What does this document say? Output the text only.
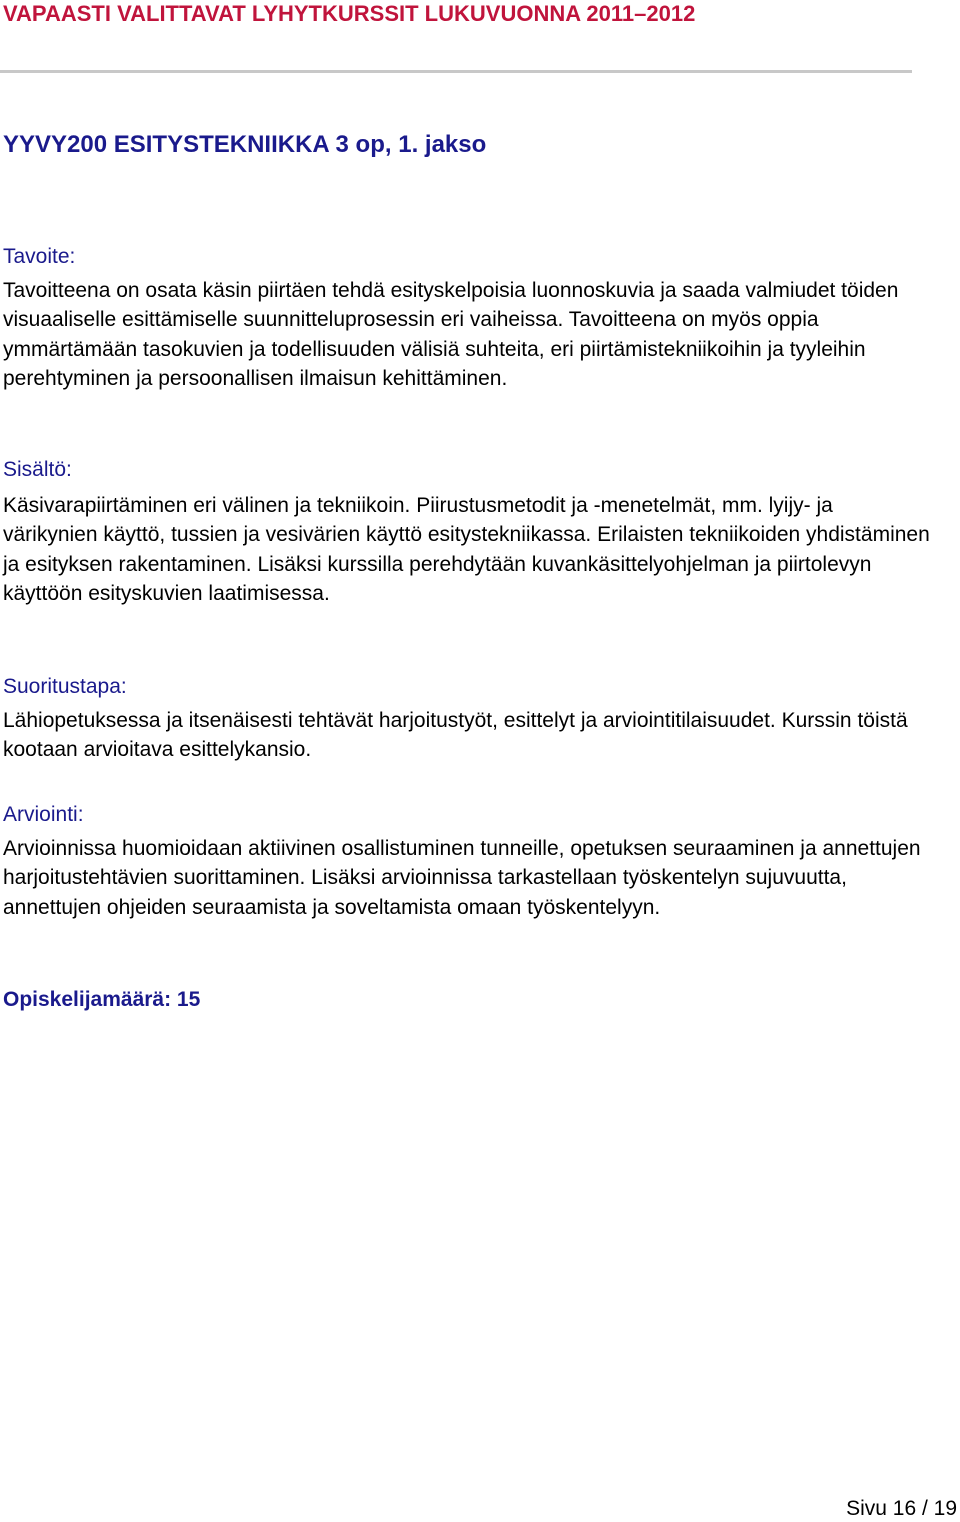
VAPAASTI VALITTAVAT LYHYTKURSSIT LUKUVUONNA 2011–2012
YYVY200 ESITYSTEKNIIKKA 3 op, 1. jakso
Tavoite:
Tavoitteena on osata käsin piirtäen tehdä esityskelpoisia luonnoskuvia ja saada valmiudet töiden visuaaliselle esittämiselle suunnitteluprosessin eri vaiheissa. Tavoitteena on myös oppia ymmärtämään tasokuvien ja todellisuuden välisiä suhteita, eri piirtämistekniikoihin ja tyyleihin perehtyminen ja persoonallisen ilmaisun kehittäminen.
Sisältö:
Käsivarapiirtäminen eri välinen ja tekniikoin. Piirustusmetodit ja -menetelmät, mm. lyijy- ja värikynien käyttö, tussien ja vesivärien käyttö esitystekniikassa. Erilaisten tekniikoiden yhdistäminen ja esityksen rakentaminen. Lisäksi kurssilla perehdytään kuvankäsittelyohjelman ja piirtolevyn käyttöön esityskuvien laatimisessa.
Suoritustapa:
Lähiopetuksessa ja itsenäisesti tehtävät harjoitustyöt, esittelyt ja arviointitilaisuudet. Kurssin töistä kootaan arvioitava esittelykansio.
Arviointi:
Arvioinnissa huomioidaan aktiivinen osallistuminen tunneille, opetuksen seuraaminen ja annettujen harjoitustehtävien suorittaminen. Lisäksi arvioinnissa tarkastellaan työskentelyn sujuvuutta, annettujen ohjeiden seuraamista ja soveltamista omaan työskentelyyn.
Opiskelijamäärä: 15
Sivu 16 / 19
